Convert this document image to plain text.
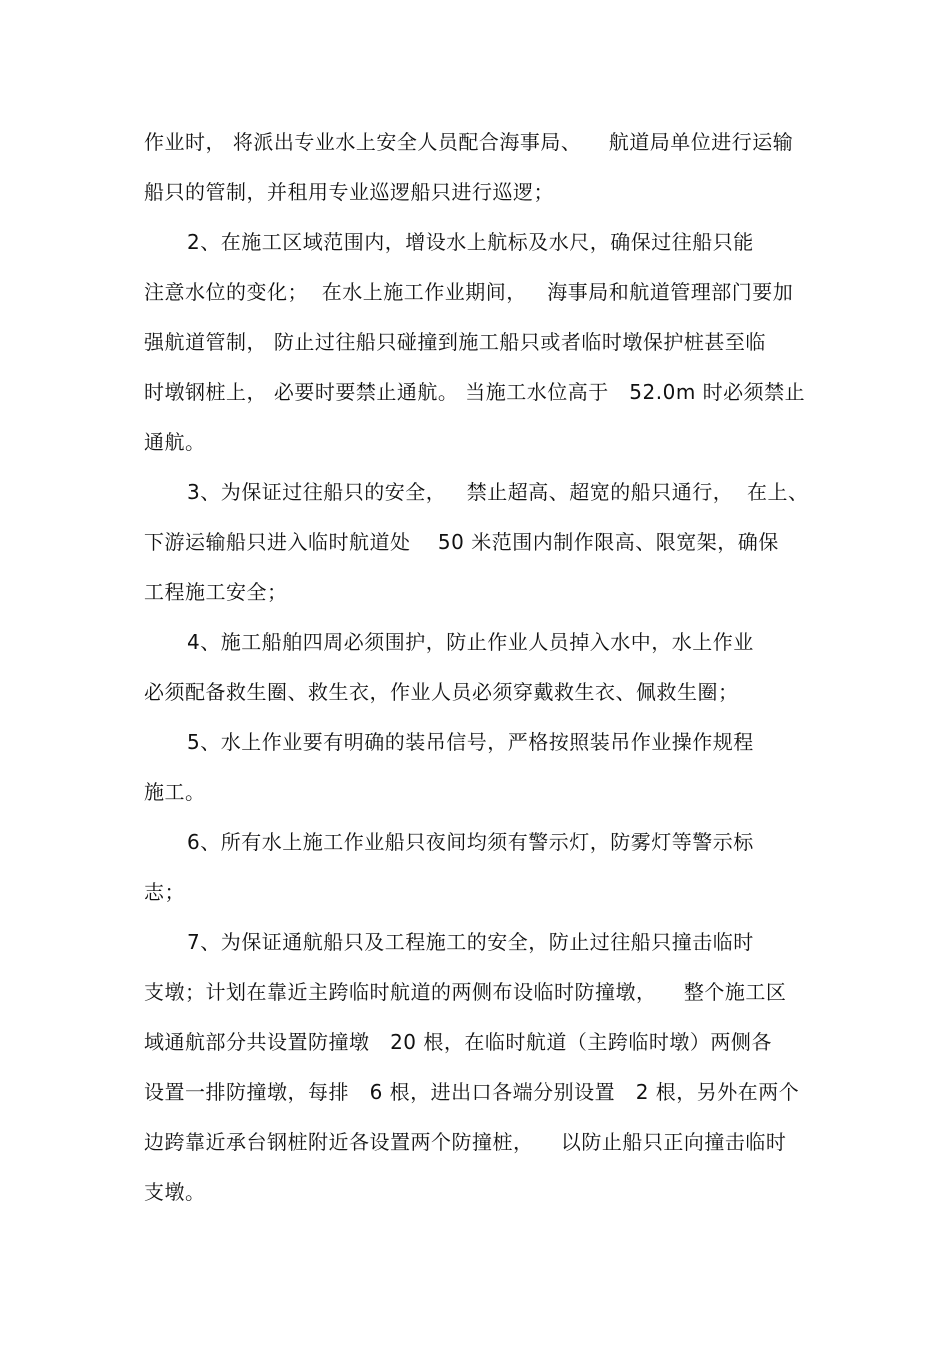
作业时， 将派出专业水上安全人员配合海事局、    航道局单位进行运输
船只的管制，并租用专业巡逻船只进行巡逻；
2、在施工区域范围内，增设水上航标及水尺，确保过往船只能
注意水位的变化；  在水上施工作业期间，   海事局和航道管理部门要加
强航道管制， 防止过往船只碰撞到施工船只或者临时墩保护桩甚至临
时墩钢桩上， 必要时要禁止通航。 当施工水位高于   52.0m 时必须禁止
通航。
3、为保证过往船只的安全，   禁止超高、超宽的船只通行，  在上、
下游运输船只进入临时航道处    50 米范围内制作限高、限宽架，确保
工程施工安全；
4、施工船舶四周必须围护，防止作业人员掉入水中，水上作业
必须配备救生圈、救生衣，作业人员必须穿戴救生衣、佩救生圈；
5、水上作业要有明确的装吊信号，严格按照装吊作业操作规程
施工。
6、所有水上施工作业船只夜间均须有警示灯，防雾灯等警示标
志；
7、为保证通航船只及工程施工的安全，防止过往船只撞击临时
支墩；计划在靠近主跨临时航道的两侧布设临时防撞墩，    整个施工区
域通航部分共设置防撞墩   20 根，在临时航道（主跨临时墩）两侧各
设置一排防撞墩，每排   6 根，进出口各端分别设置   2 根，另外在两个
边跨靠近承台钢桩附近各设置两个防撞桩，    以防止船只正向撞击临时
支墩。
